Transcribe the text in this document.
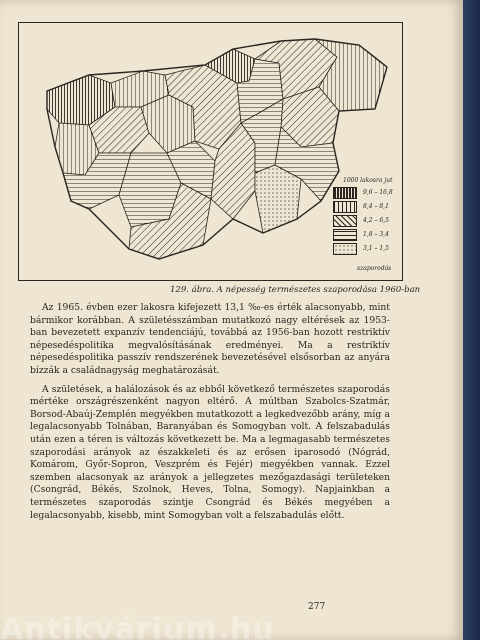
1000 lakosra jut
9,6 – 16,8
8,4 – 8,1
4,2 – 6,5
1,8 – 3,4
3,1 – 1,5
szaporodás
129. ábra. A népesség természetes szaporodása 1960-ban

Az 1965. évben ezer lakosra kifejezett 13,1 ‰-es érték alacsonyabb, mint bármikor korábban. A születésszámban mutatkozó nagy eltérések az 1953-ban bevezetett expanzív tendenciájú, továbbá az 1956-ban hozott restriktív népesedéspolitika megvalósításának eredményei. Ma a restriktív népesedéspolitika passzív rendszerének bevezetésével elsősorban az anyára bízzák a családnagyság meghatározását.

A születések, a halálozások és az ebből következő természetes szaporodás mértéke országrészenként nagyon eltérő. A múltban Szabolcs-Szatmár, Borsod-Abaúj-Zemplén megyékben mutatkozott a legkedvezőbb arány, míg a legalacsonyabb Tolnában, Baranyában és Somogyban volt. A felszabadulás után ezen a téren is változás következett be. Ma a legmagasabb természetes szaporodási arányok az északkeleti és az erősen iparosodó (Nógrád, Komárom, Győr-Sopron, Veszprém és Fejér) megyékben vannak. Ezzel szemben alacsonyak az arányok a jellegzetes mezőgazdasági területeken (Csongrád, Békés, Szolnok, Heves, Tolna, Somogy). Napjainkban a természetes szaporodás szintje Csongrád és Békés megyében a legalacsonyabb, kisebb, mint Somogyban volt a felszabadulás előtt.

277
Antikvárium.hu
